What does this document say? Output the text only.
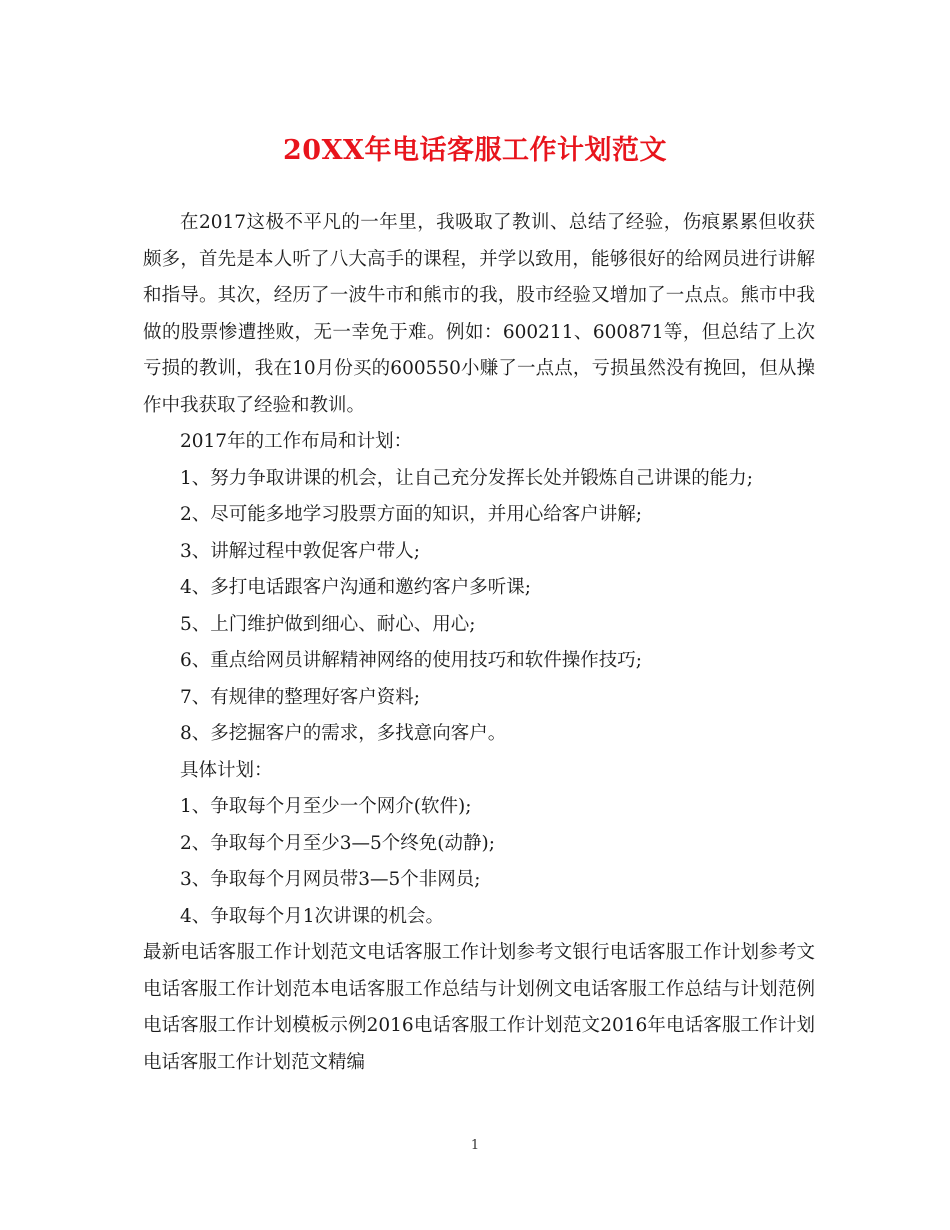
20XX年电话客服工作计划范文

在2017这极不平凡的一年里，我吸取了教训、总结了经验，伤痕累累但收获颇多，首先是本人听了八大高手的课程，并学以致用，能够很好的给网员进行讲解和指导。其次，经历了一波牛市和熊市的我，股市经验又增加了一点点。熊市中我做的股票惨遭挫败，无一幸免于难。例如：600211、600871等，但总结了上次亏损的教训，我在10月份买的600550小赚了一点点，亏损虽然没有挽回，但从操作中我获取了经验和教训。

2017年的工作布局和计划：

1、努力争取讲课的机会，让自己充分发挥长处并锻炼自己讲课的能力;

2、尽可能多地学习股票方面的知识，并用心给客户讲解;

3、讲解过程中敦促客户带人;

4、多打电话跟客户沟通和邀约客户多听课;

5、上门维护做到细心、耐心、用心;

6、重点给网员讲解精神网络的使用技巧和软件操作技巧;

7、有规律的整理好客户资料;

8、多挖掘客户的需求，多找意向客户。

具体计划：

1、争取每个月至少一个网介(软件);

2、争取每个月至少3—5个终免(动静);

3、争取每个月网员带3—5个非网员;

4、争取每个月1次讲课的机会。

最新电话客服工作计划范文电话客服工作计划参考文银行电话客服工作计划参考文电话客服工作计划范本电话客服工作总结与计划例文电话客服工作总结与计划范例电话客服工作计划模板示例2016电话客服工作计划范文2016年电话客服工作计划电话客服工作计划范文精编

1
